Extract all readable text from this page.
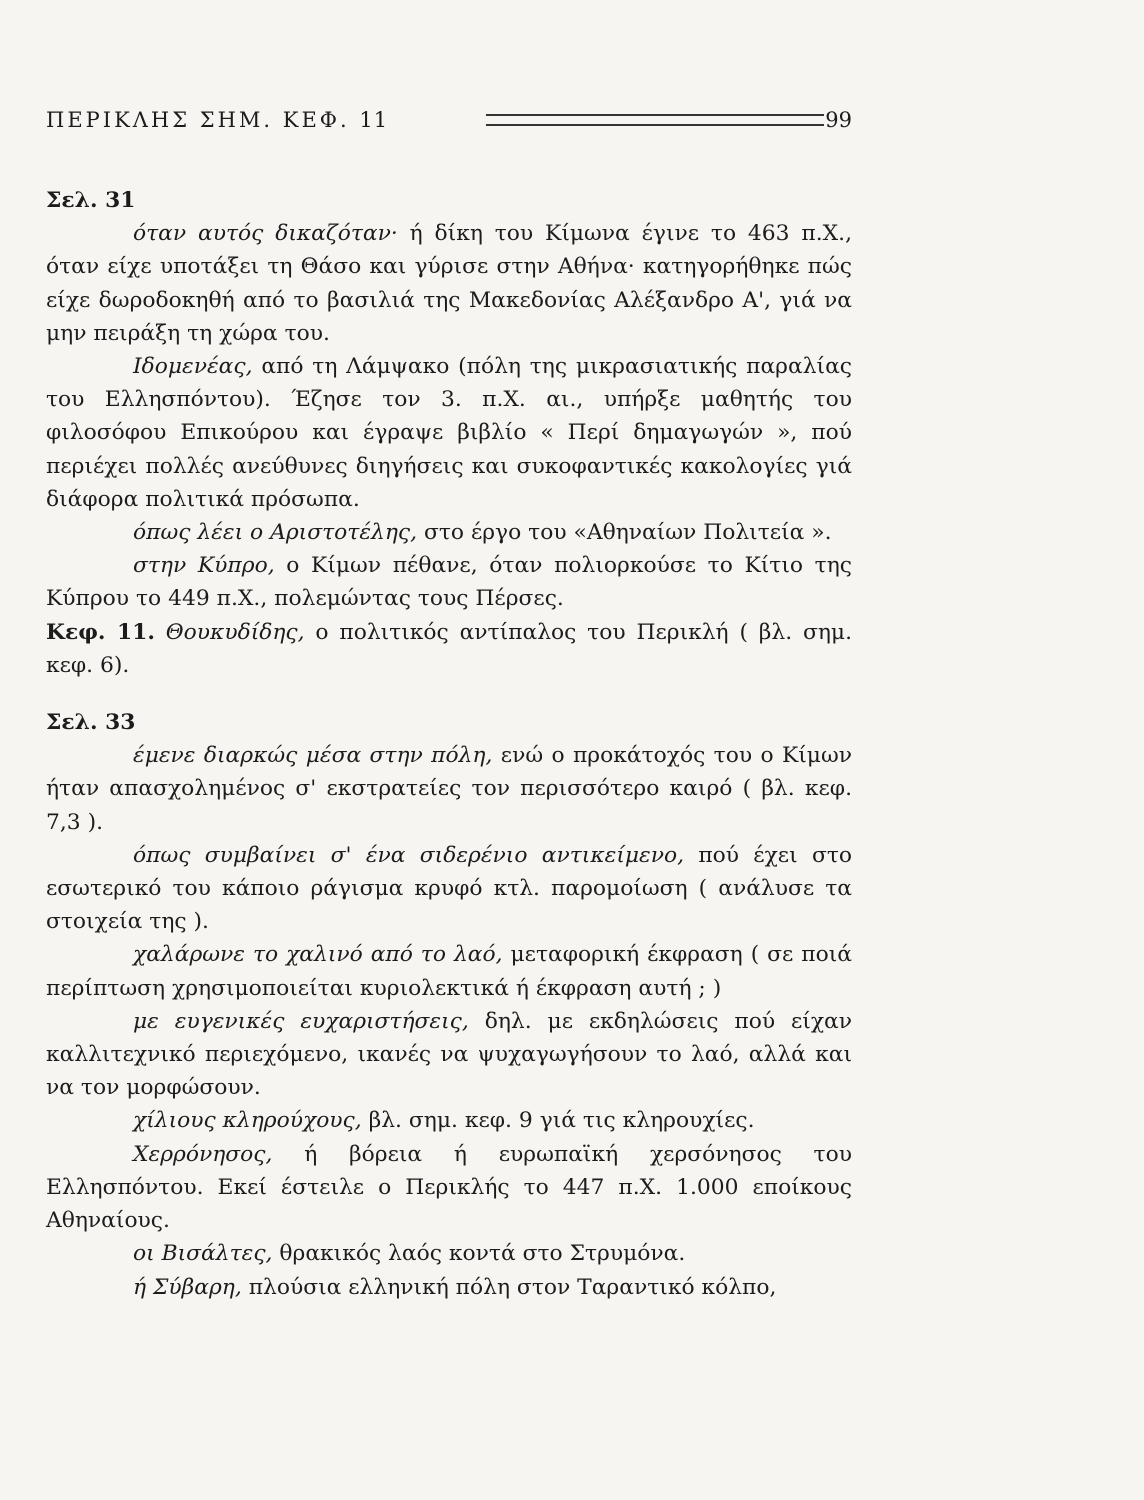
ΠΕΡΙΚΛΗΣ ΣΗΜ. ΚΕΦ. 11	99

Σελ. 31

όταν αυτός δικαζόταν· ή δίκη του Κίμωνα έγινε το 463 π.Χ., όταν είχε υποτάξει τη Θάσο και γύρισε στην Αθήνα· κατηγορήθηκε πώς είχε δωροδοκηθή από το βασιλιά της Μακεδονίας Αλέξανδρο Α', γιά να μην πειράξη τη χώρα του.

Ιδομενέας, από τη Λάμψακο (πόλη της μικρασιατικής παραλίας του Ελλησπόντου). Έζησε τον 3. π.Χ. αι., υπήρξε μαθητής του φιλοσόφου Επικούρου και έγραψε βιβλίο « Περί δημαγωγών », πού περιέχει πολλές ανεύθυνες διηγήσεις και συκοφαντικές κακολογίες γιά διάφορα πολιτικά πρόσωπα.

όπως λέει ο Αριστοτέλης, στο έργο του «Αθηναίων Πολιτεία ».

στην Κύπρο, ο Κίμων πέθανε, όταν πολιορκούσε το Κίτιο της Κύπρου το 449 π.Χ., πολεμώντας τους Πέρσες.

Κεφ. 11. Θουκυδίδης, ο πολιτικός αντίπαλος του Περικλή ( βλ. σημ. κεφ. 6).

Σελ. 33

έμενε διαρκώς μέσα στην πόλη, ενώ ο προκάτοχός του ο Κίμων ήταν απασχολημένος σ' εκστρατείες τον περισσότερο καιρό ( βλ. κεφ. 7,3 ).

όπως συμβαίνει σ' ένα σιδερένιο αντικείμενο, πού έχει στο εσωτερικό του κάποιο ράγισμα κρυφό κτλ. παρομοίωση ( ανάλυσε τα στοιχεία της ).

χαλάρωνε το χαλινό από το λαό, μεταφορική έκφραση ( σε ποιά περίπτωση χρησιμοποιείται κυριολεκτικά ή έκφραση αυτή ; )

με ευγενικές ευχαριστήσεις, δηλ. με εκδηλώσεις πού είχαν καλλιτεχνικό περιεχόμενο, ικανές να ψυχαγωγήσουν το λαό, αλλά και να τον μορφώσουν.

χίλιους κληρούχους, βλ. σημ. κεφ. 9 γιά τις κληρουχίες.

Χερρόνησος, ή βόρεια ή ευρωπαϊκή χερσόνησος του Ελλησπόντου. Εκεί έστειλε ο Περικλής το 447 π.Χ. 1.000 εποίκους Αθηναίους.

οι Βισάλτες, θρακικός λαός κοντά στο Στρυμόνα.

ή Σύβαρη, πλούσια ελληνική πόλη στον Ταραντικό κόλπο,
